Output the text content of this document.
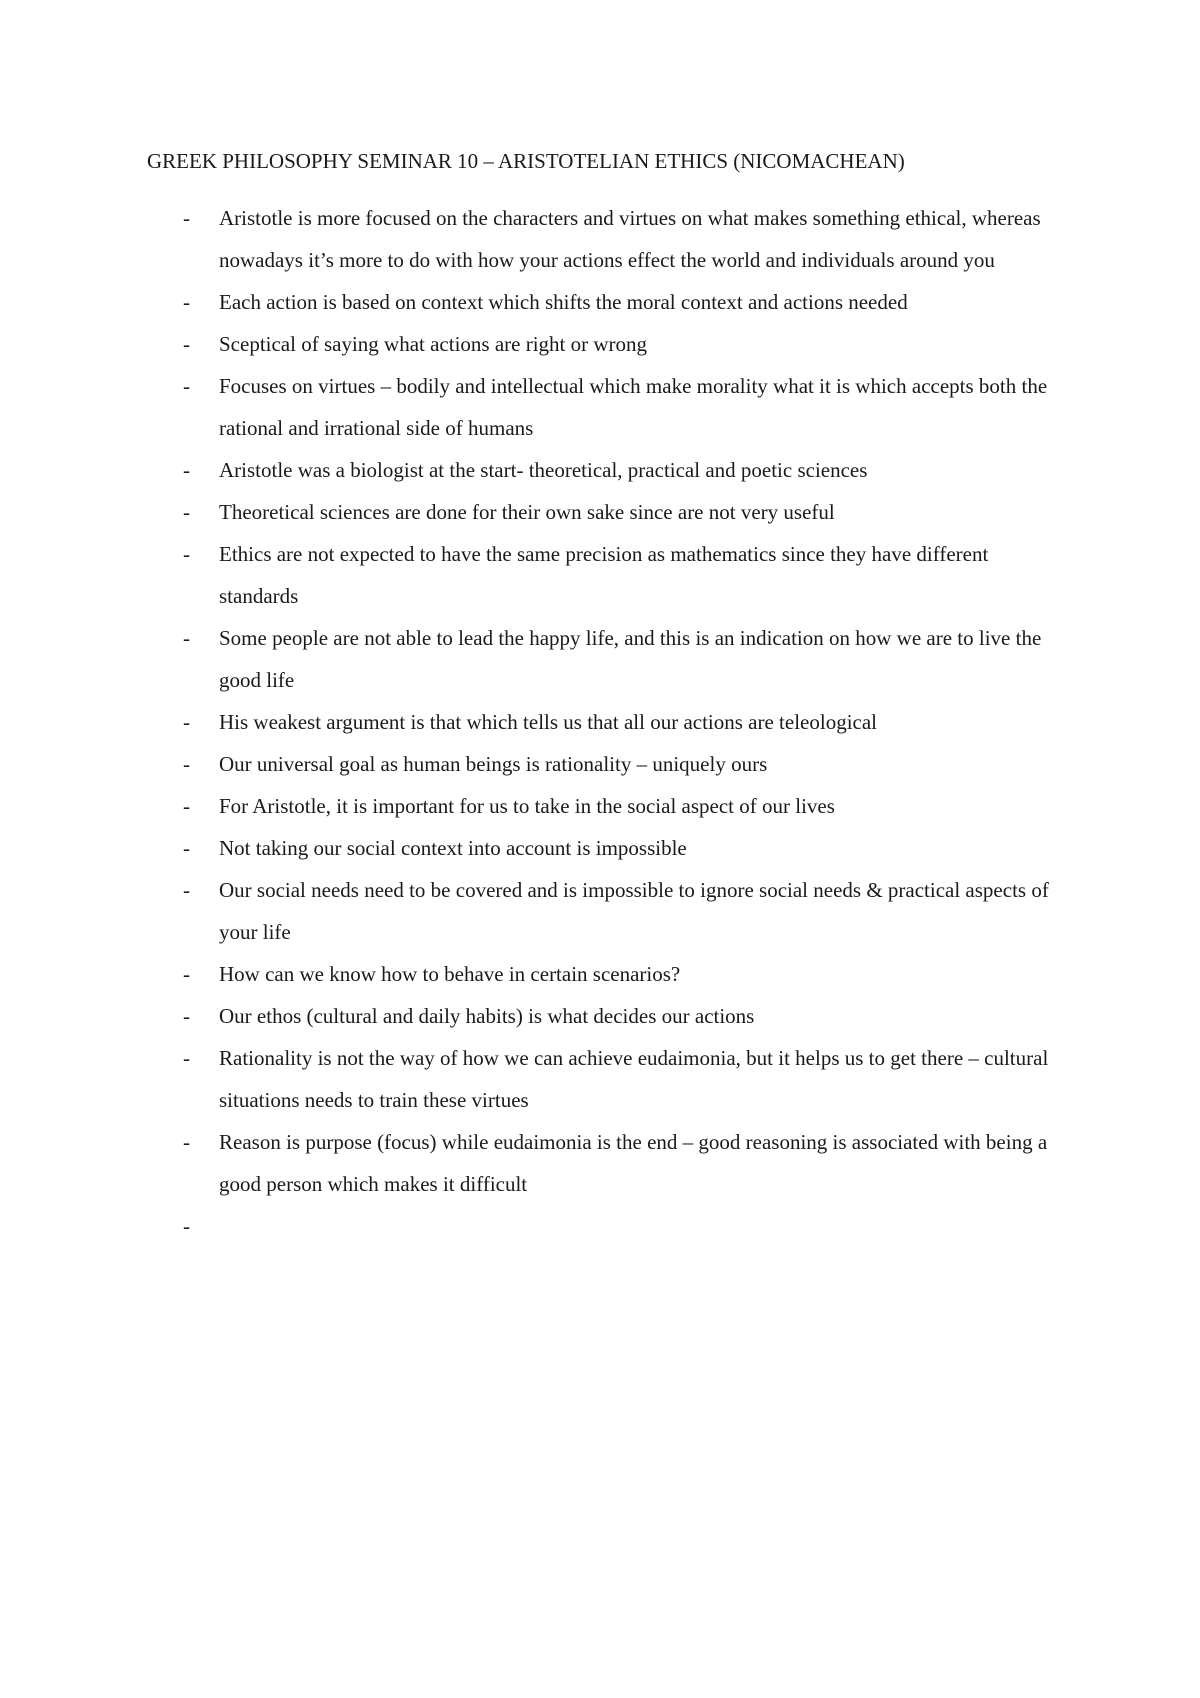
GREEK PHILOSOPHY SEMINAR 10 – ARISTOTELIAN ETHICS (NICOMACHEAN)
- Aristotle is more focused on the characters and virtues on what makes something ethical, whereas nowadays it’s more to do with how your actions effect the world and individuals around you
- Each action is based on context which shifts the moral context and actions needed
- Sceptical of saying what actions are right or wrong
- Focuses on virtues – bodily and intellectual which make morality what it is which accepts both the rational and irrational side of humans
- Aristotle was a biologist at the start- theoretical, practical and poetic sciences
- Theoretical sciences are done for their own sake since are not very useful
- Ethics are not expected to have the same precision as mathematics since they have different standards
- Some people are not able to lead the happy life, and this is an indication on how we are to live the good life
- His weakest argument is that which tells us that all our actions are teleological
- Our universal goal as human beings is rationality – uniquely ours
- For Aristotle, it is important for us to take in the social aspect of our lives
- Not taking our social context into account is impossible
- Our social needs need to be covered and is impossible to ignore social needs & practical aspects of your life
- How can we know how to behave in certain scenarios?
- Our ethos (cultural and daily habits) is what decides our actions
- Rationality is not the way of how we can achieve eudaimonia, but it helps us to get there – cultural situations needs to train these virtues
- Reason is purpose (focus) while eudaimonia is the end – good reasoning is associated with being a good person which makes it difficult
-
